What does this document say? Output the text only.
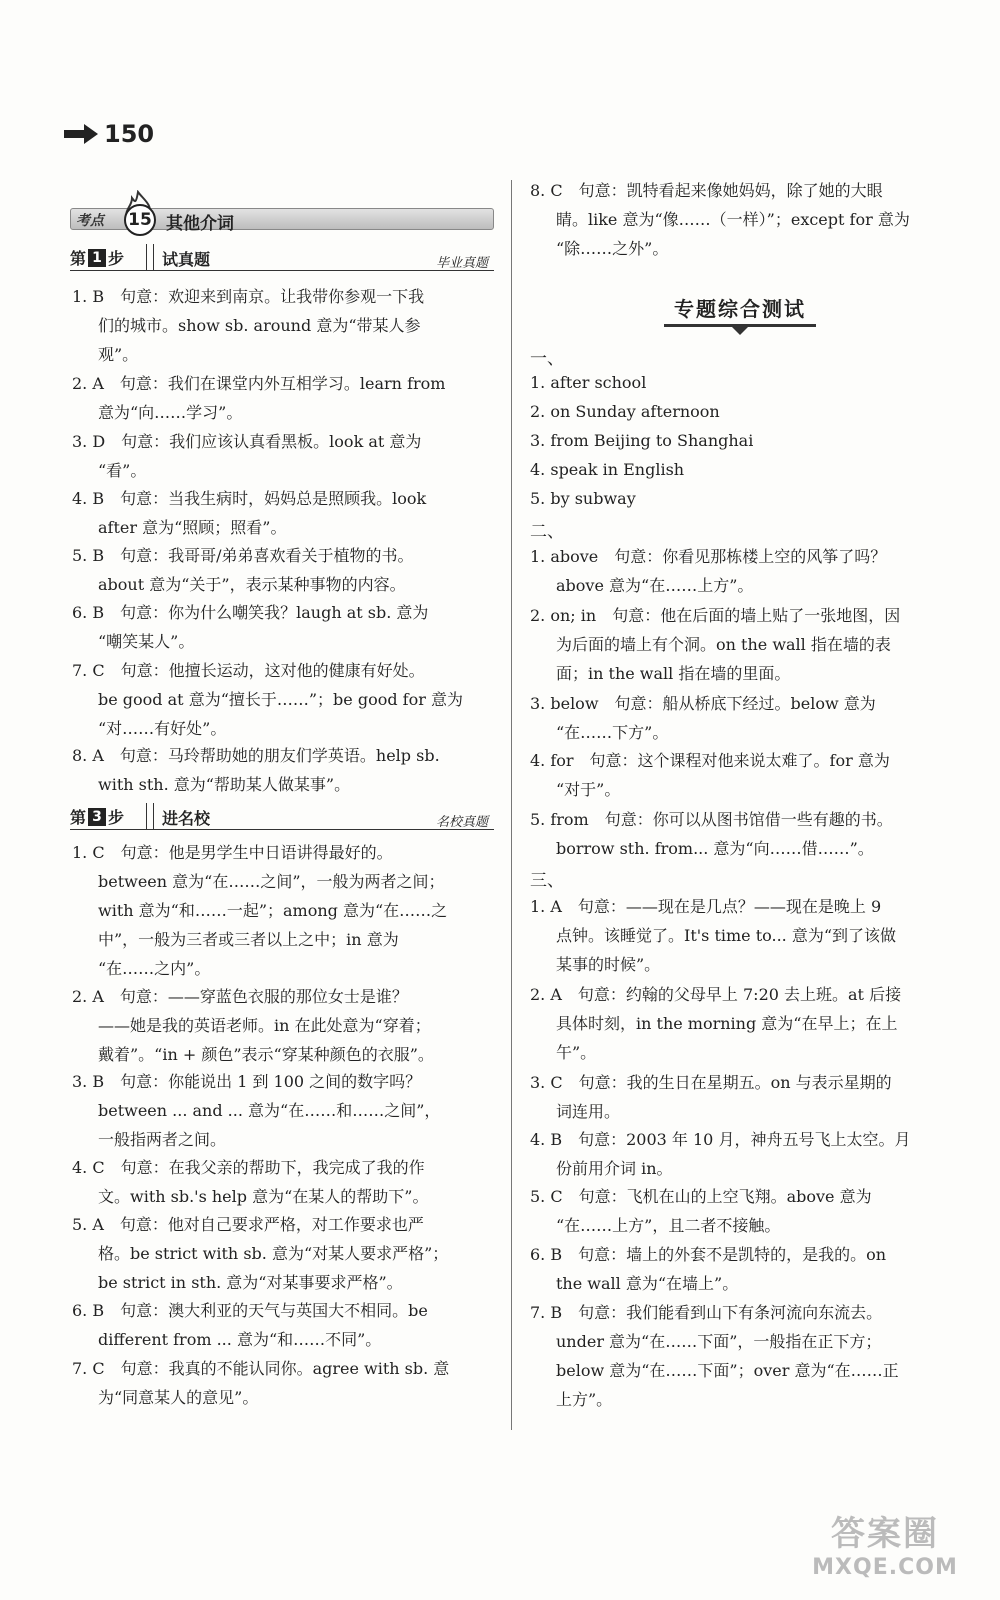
150
考点 15 其他介词
第 1 步 试真题	毕业真题

1. B　句意：欢迎来到南京。让我带你参观一下我

们的城市。show sb. around 意为“带某人参

观”。

2. A　句意：我们在课堂内外互相学习。learn from

意为“向……学习”。

3. D　句意：我们应该认真看黑板。look at 意为

“看”。

4. B　句意：当我生病时，妈妈总是照顾我。look

after 意为“照顾；照看”。

5. B　句意：我哥哥/弟弟喜欢看关于植物的书。

about 意为“关于”，表示某种事物的内容。

6. B　句意：你为什么嘲笑我？laugh at sb. 意为

“嘲笑某人”。

7. C　句意：他擅长运动，这对他的健康有好处。

be good at 意为“擅长于……”；be good for 意为

“对……有好处”。

8. A　句意：马玲帮助她的朋友们学英语。help sb.

with sth. 意为“帮助某人做某事”。

第 3 步 进名校	名校真题

1. C　句意：他是男学生中日语讲得最好的。

between 意为“在……之间”，一般为两者之间；

with 意为“和……一起”；among 意为“在……之

中”，一般为三者或三者以上之中；in 意为

“在……之内”。

2. A　句意：——穿蓝色衣服的那位女士是谁？

——她是我的英语老师。in 在此处意为“穿着；

戴着”。“in + 颜色”表示“穿某种颜色的衣服”。

3. B　句意：你能说出 1 到 100 之间的数字吗？

between ... and ... 意为“在……和……之间”，

一般指两者之间。

4. C　句意：在我父亲的帮助下，我完成了我的作

文。with sb.'s help 意为“在某人的帮助下”。

5. A　句意：他对自己要求严格，对工作要求也严

格。be strict with sb. 意为“对某人要求严格”；

be strict in sth. 意为“对某事要求严格”。

6. B　句意：澳大利亚的天气与英国大不相同。be

different from ... 意为“和……不同”。

7. C　句意：我真的不能认同你。agree with sb. 意

为“同意某人的意见”。

8. C　句意：凯特看起来像她妈妈，除了她的大眼

睛。like 意为“像……（一样）”；except for 意为

“除……之外”。

专题综合测试
一、

1. after school

2. on Sunday afternoon

3. from Beijing to Shanghai

4. speak in English

5. by subway

二、

1. above　句意：你看见那栋楼上空的风筝了吗？

above 意为“在……上方”。

2. on; in　句意：他在后面的墙上贴了一张地图，因

为后面的墙上有个洞。on the wall 指在墙的表

面；in the wall 指在墙的里面。

3. below　句意：船从桥底下经过。below 意为

“在……下方”。

4. for　句意：这个课程对他来说太难了。for 意为

“对于”。

5. from　句意：你可以从图书馆借一些有趣的书。

borrow sth. from... 意为“向……借……”。

三、

1. A　句意：——现在是几点？——现在是晚上 9

点钟。该睡觉了。It's time to... 意为“到了该做

某事的时候”。

2. A　句意：约翰的父母早上 7:20 去上班。at 后接

具体时刻，in the morning 意为“在早上；在上

午”。

3. C　句意：我的生日在星期五。on 与表示星期的

词连用。

4. B　句意：2003 年 10 月，神舟五号飞上太空。月

份前用介词 in。

5. C　句意：飞机在山的上空飞翔。above 意为

“在……上方”，且二者不接触。

6. B　句意：墙上的外套不是凯特的，是我的。on

the wall 意为“在墙上”。

7. B　句意：我们能看到山下有条河流向东流去。

under 意为“在……下面”，一般指在正下方；

below 意为“在……下面”；over 意为“在……正

上方”。

答案圈
MXQE.COM
